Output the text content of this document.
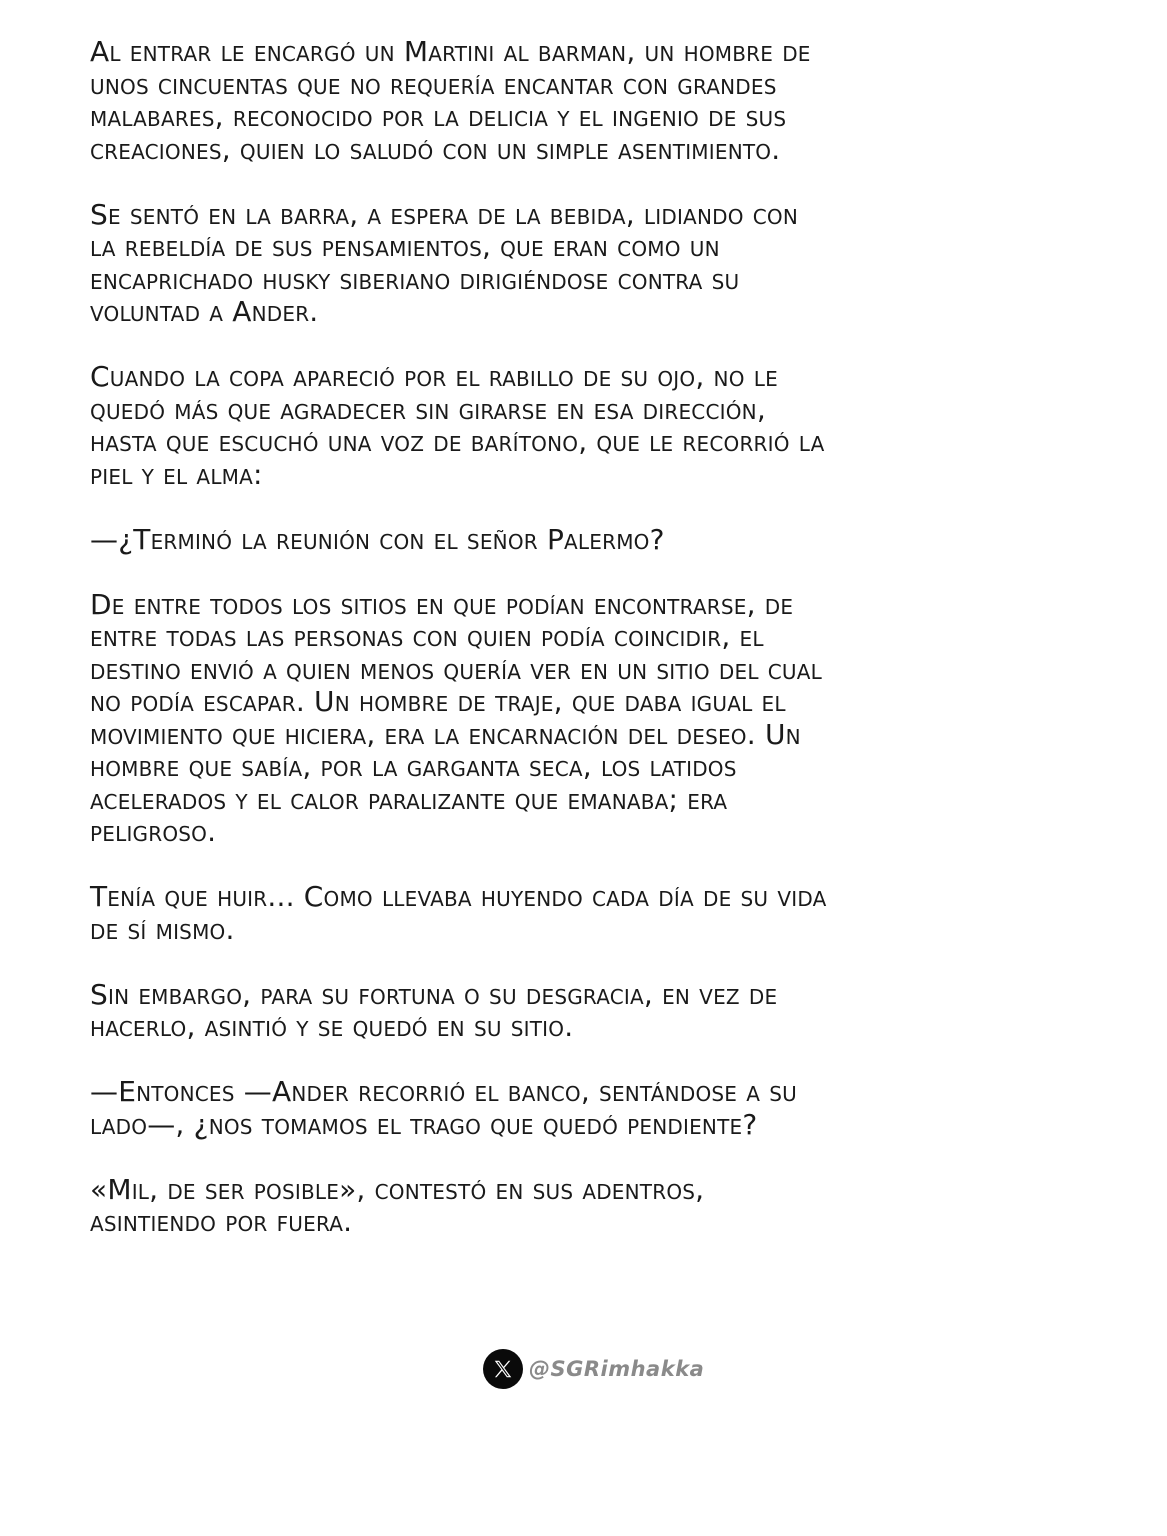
Al entrar le encargó un Martini al barman, un hombre de
unos cincuentas que no requería encantar con grandes
malabares, reconocido por la delicia y el ingenio de sus
creaciones, quien lo saludó con un simple asentimiento.

Se sentó en la barra, a espera de la bebida, lidiando con
la rebeldía de sus pensamientos, que eran como un
encaprichado husky siberiano dirigiéndose contra su
voluntad a Ander.

Cuando la copa apareció por el rabillo de su ojo, no le
quedó más que agradecer sin girarse en esa dirección,
hasta que escuchó una voz de barítono, que le recorrió la
piel y el alma:

—¿Terminó la reunión con el señor Palermo?

De entre todos los sitios en que podían encontrarse, de
entre todas las personas con quien podía coincidir, el
destino envió a quien menos quería ver en un sitio del cual
no podía escapar. Un hombre de traje, que daba igual el
movimiento que hiciera, era la encarnación del deseo. Un
hombre que sabía, por la garganta seca, los latidos
acelerados y el calor paralizante que emanaba; era
peligroso.

Tenía que huir... Como llevaba huyendo cada día de su vida
de sí mismo.

Sin embargo, para su fortuna o su desgracia, en vez de
hacerlo, asintió y se quedó en su sitio.

—Entonces —Ander recorrió el banco, sentándose a su
lado—, ¿nos tomamos el trago que quedó pendiente?

«Mil, de ser posible», contestó en sus adentros,
asintiendo por fuera.

@SGRimhakka
